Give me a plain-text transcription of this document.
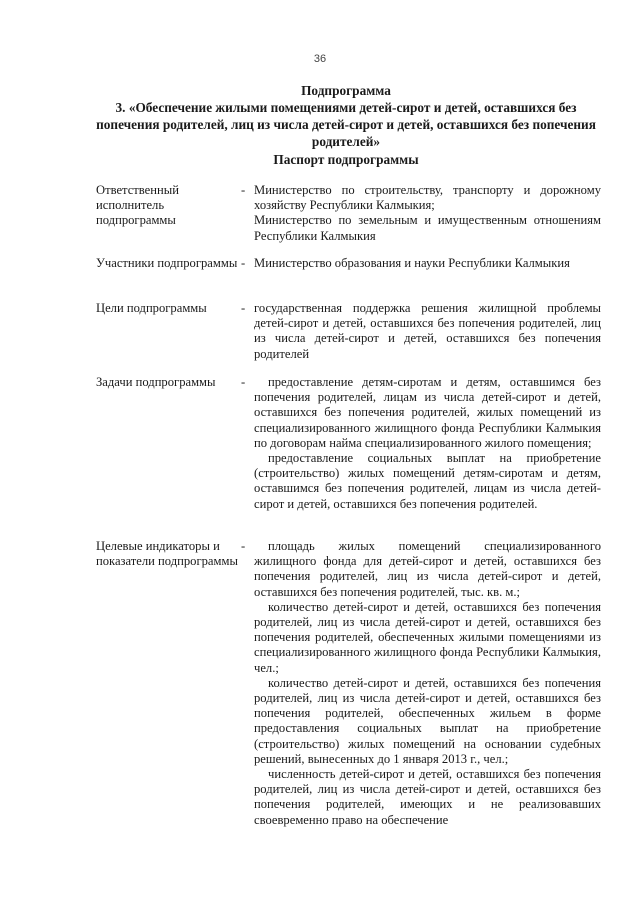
36
Подпрограмма
3. «Обеспечение жилыми помещениями детей-сирот и детей, оставшихся без
попечения родителей, лиц из числа детей-сирот и детей, оставшихся без попечения
родителей»
Паспорт подпрограммы
Ответственный исполнитель подпрограммы
- Министерство по строительству, транспорту и дорожному хозяйству Республики Калмыкия;

Министерство по земельным и имущественным отношениям Республики Калмыкия

Участники подпрограммы - Министерство образования и науки Республики Калмыкия

Цели подпрограммы	- государственная поддержка решения жилищной проблемы детей-сирот и детей, оставшихся без попечения родителей, лиц из числа детей-сирот и детей, оставшихся без попечения родителей

Задачи подпрограммы	-	предоставление детям-сиротам и детям, оставшимся без попечения родителей, лицам из числа детей-сирот и детей, оставшихся без попечения родителей, жилых помещений из специализированного жилищного фонда Республики Калмыкия по договорам найма специализированного жилого помещения;

предоставление социальных выплат на приобретение (строительство) жилых помещений детям-сиротам и детям, оставшимся без попечения родителей, лицам из числа детей-сирот и детей, оставшихся без попечения родителей.

Целевые индикаторы и показатели подпрограммы
-	площадь жилых помещений специализированного жилищного фонда для детей-сирот и детей, оставшихся без попечения родителей, лиц из числа детей-сирот и детей, оставшихся без попечения родителей, тыс. кв. м.;

количество детей-сирот и детей, оставшихся без попечения родителей, лиц из числа детей-сирот и детей, оставшихся без попечения родителей, обеспеченных жилыми помещениями из специализированного жилищного фонда Республики Калмыкия, чел.;

количество детей-сирот и детей, оставшихся без попечения родителей, лиц из числа детей-сирот и детей, оставшихся без попечения родителей, обеспеченных жильем в форме предоставления социальных выплат на приобретение (строительство) жилых помещений на основании судебных решений, вынесенных до 1 января 2013 г., чел.;

численность детей-сирот и детей, оставшихся без попечения родителей, лиц из числа детей-сирот и детей, оставшихся без попечения родителей, имеющих и не реализовавших своевременно право на обеспечение
